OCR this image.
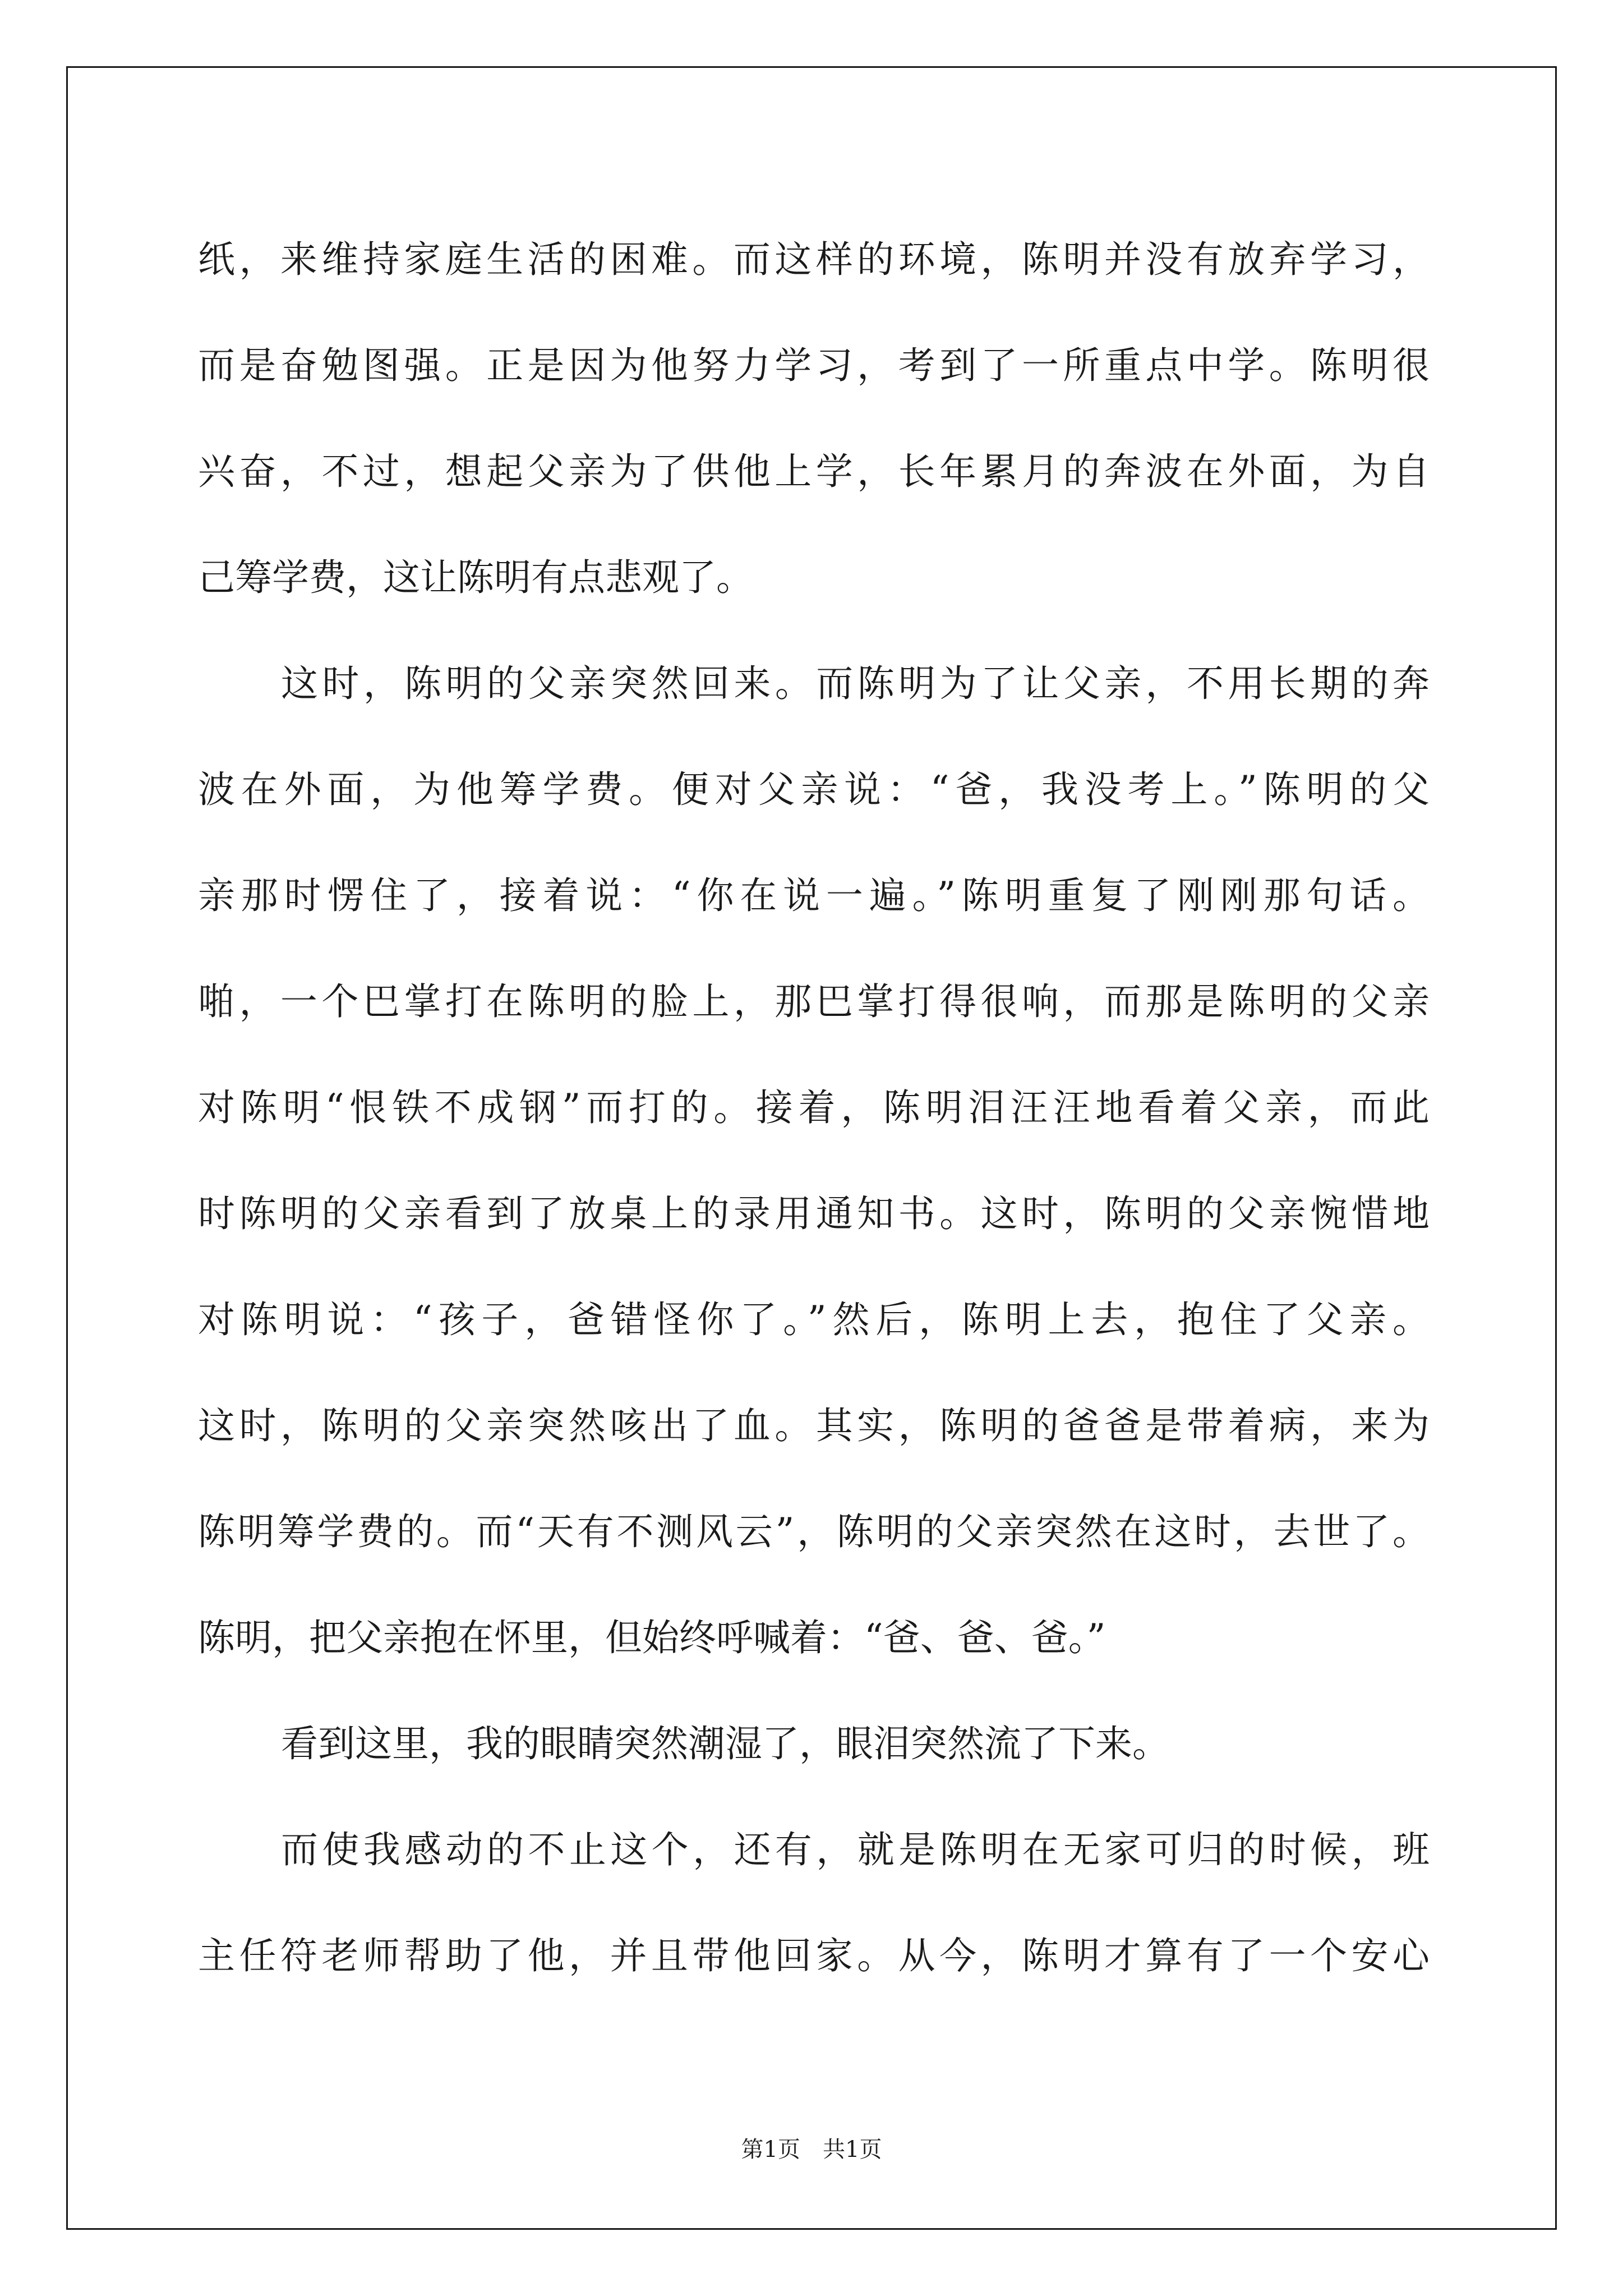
纸，来维持家庭生活的困难。而这样的环境，陈明并没有放弃学习，
而是奋勉图强。正是因为他努力学习，考到了一所重点中学。陈明很
兴奋，不过，想起父亲为了供他上学，长年累月的奔波在外面，为自
己筹学费，这让陈明有点悲观了。
这时，陈明的父亲突然回来。而陈明为了让父亲，不用长期的奔
波在外面，为他筹学费。便对父亲说：“爸，我没考上。”陈明的父
亲那时愣住了，接着说：“你在说一遍。”陈明重复了刚刚那句话。
啪，一个巴掌打在陈明的脸上，那巴掌打得很响，而那是陈明的父亲
对陈明“恨铁不成钢”而打的。接着，陈明泪汪汪地看着父亲，而此
时陈明的父亲看到了放桌上的录用通知书。这时，陈明的父亲惋惜地
对陈明说：“孩子，爸错怪你了。”然后，陈明上去，抱住了父亲。
这时，陈明的父亲突然咳出了血。其实，陈明的爸爸是带着病，来为
陈明筹学费的。而“天有不测风云”，陈明的父亲突然在这时，去世了。
陈明，把父亲抱在怀里，但始终呼喊着：“爸、爸、爸。”
看到这里，我的眼睛突然潮湿了，眼泪突然流了下来。
而使我感动的不止这个，还有，就是陈明在无家可归的时候，班
主任符老师帮助了他，并且带他回家。从今，陈明才算有了一个安心
第1页 共1页
